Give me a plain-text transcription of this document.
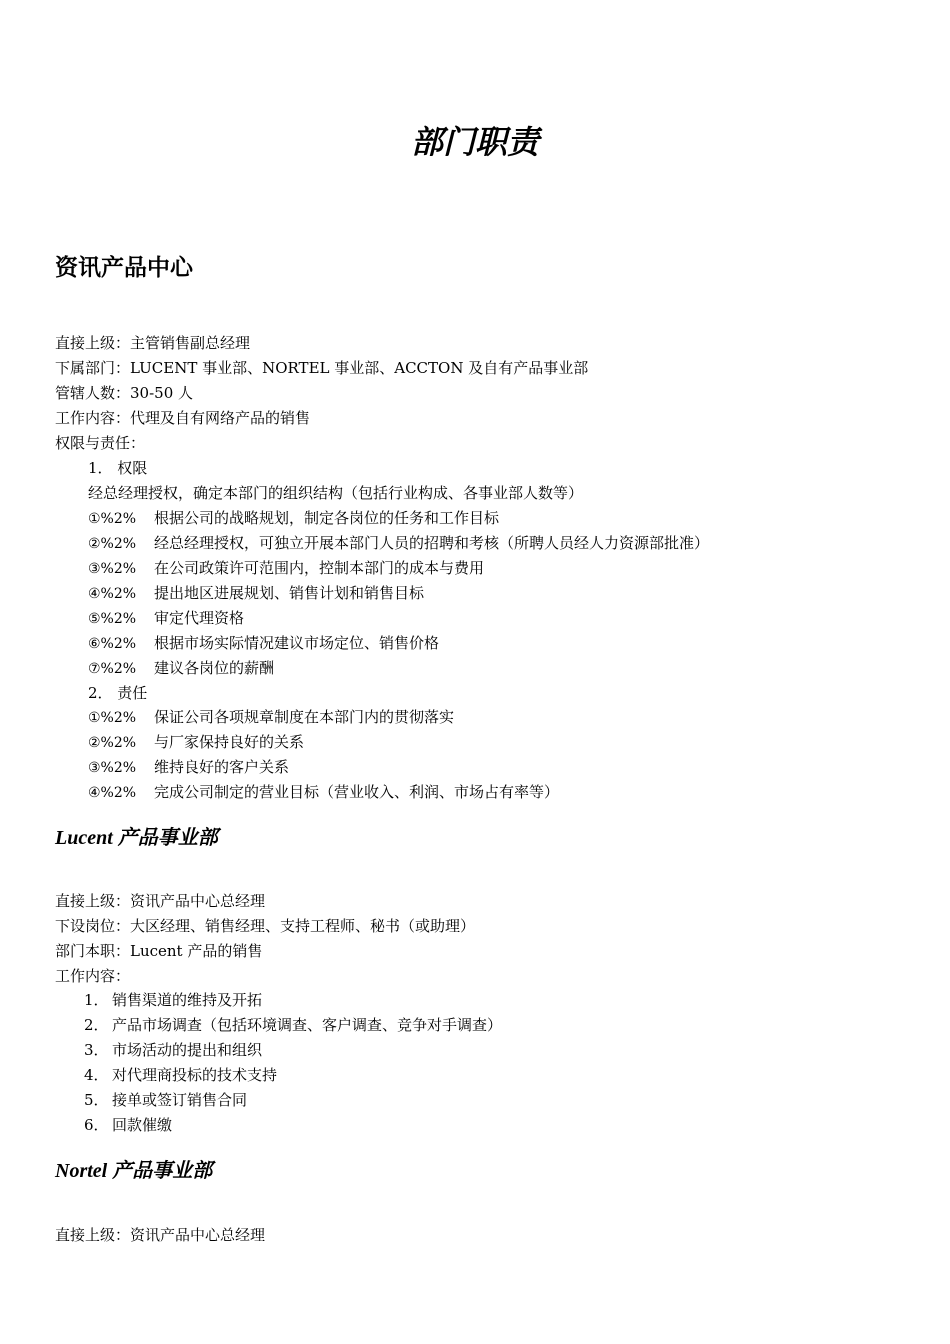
部门职责
资讯产品中心
直接上级：主管销售副总经理
下属部门：LUCENT 事业部、NORTEL 事业部、ACCTON 及自有产品事业部
管辖人数：30-50 人
工作内容：代理及自有网络产品的销售
权限与责任：
1． 权限
经总经理授权，确定本部门的组织结构（包括行业构成、各事业部人数等）
①%2% 根据公司的战略规划，制定各岗位的任务和工作目标
②%2% 经总经理授权，可独立开展本部门人员的招聘和考核（所聘人员经人力资源部批准）
③%2% 在公司政策许可范围内，控制本部门的成本与费用
④%2% 提出地区进展规划、销售计划和销售目标
⑤%2% 审定代理资格
⑥%2% 根据市场实际情况建议市场定位、销售价格
⑦%2% 建议各岗位的薪酬
2． 责任
①%2% 保证公司各项规章制度在本部门内的贯彻落实
②%2% 与厂家保持良好的关系
③%2% 维持良好的客户关系
④%2% 完成公司制定的营业目标（营业收入、利润、市场占有率等）
Lucent 产品事业部
直接上级：资讯产品中心总经理
下设岗位：大区经理、销售经理、支持工程师、秘书（或助理）
部门本职：Lucent 产品的销售
工作内容：
1． 销售渠道的维持及开拓
2． 产品市场调查（包括环境调查、客户调查、竞争对手调查）
3． 市场活动的提出和组织
4． 对代理商投标的技术支持
5． 接单或签订销售合同
6． 回款催缴
Nortel 产品事业部
直接上级：资讯产品中心总经理
